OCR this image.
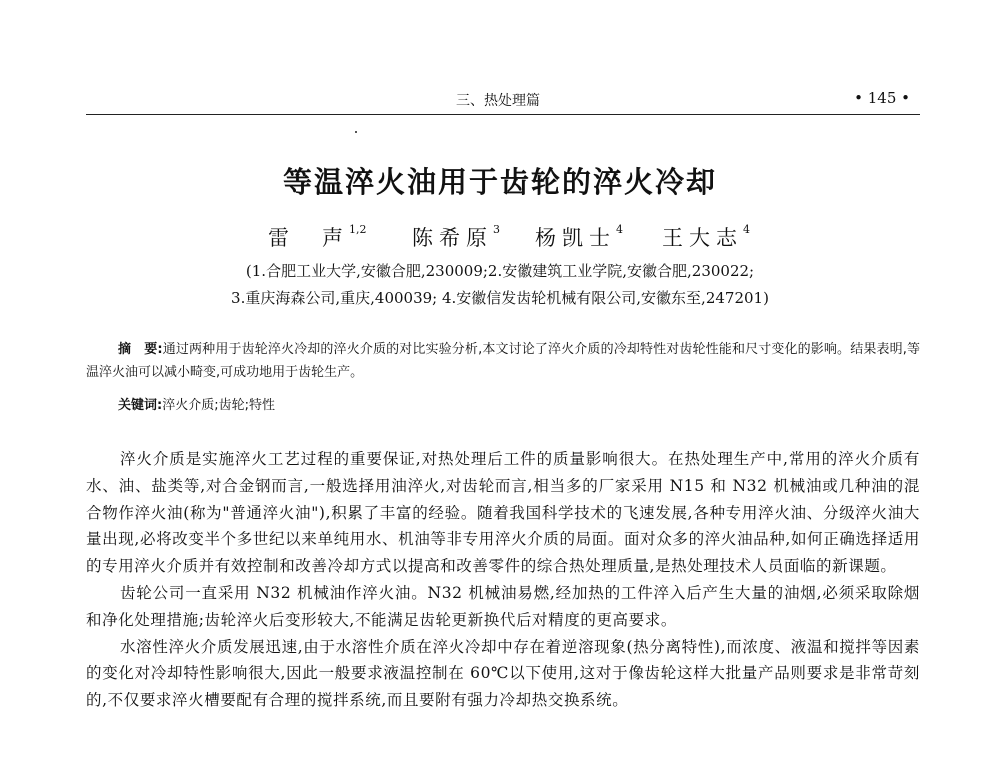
三、热处理篇	• 145 •
等温淬火油用于齿轮的淬火冷却
雷　声$^{1,2}$ 陈希原$^3$ 杨凯士$^4$ 王大志$^4$
(1.合肥工业大学,安徽合肥,230009;2.安徽建筑工业学院,安徽合肥,230022;
3.重庆海森公司,重庆,400039; 4.安徽信发齿轮机械有限公司,安徽东至,247201)
摘　要:通过两种用于齿轮淬火冷却的淬火介质的对比实验分析,本文讨论了淬火介质的冷却特性对齿轮性能和尺寸变化的影响。结果表明,等温淬火油可以减小畸变,可成功地用于齿轮生产。
关键词:淬火介质;齿轮;特性

淬火介质是实施淬火工艺过程的重要保证,对热处理后工件的质量影响很大。在热处理生产中,常用的淬火介质有水、油、盐类等,对合金钢而言,一般选择用油淬火,对齿轮而言,相当多的厂家采用 N15 和 N32 机械油或几种油的混合物作淬火油(称为"普通淬火油"),积累了丰富的经验。随着我国科学技术的飞速发展,各种专用淬火油、分级淬火油大量出现,必将改变半个多世纪以来单纯用水、机油等非专用淬火介质的局面。面对众多的淬火油品种,如何正确选择适用的专用淬火介质并有效控制和改善冷却方式以提高和改善零件的综合热处理质量,是热处理技术人员面临的新课题。

齿轮公司一直采用 N32 机械油作淬火油。N32 机械油易燃,经加热的工件淬入后产生大量的油烟,必须采取除烟和净化处理措施;齿轮淬火后变形较大,不能满足齿轮更新换代后对精度的更高要求。

水溶性淬火介质发展迅速,由于水溶性介质在淬火冷却中存在着逆溶现象(热分离特性),而浓度、液温和搅拌等因素的变化对冷却特性影响很大,因此一般要求液温控制在 60℃以下使用,这对于像齿轮这样大批量产品则要求是非常苛刻的,不仅要求淬火槽要配有合理的搅拌系统,而且要附有强力冷却热交换系统。
